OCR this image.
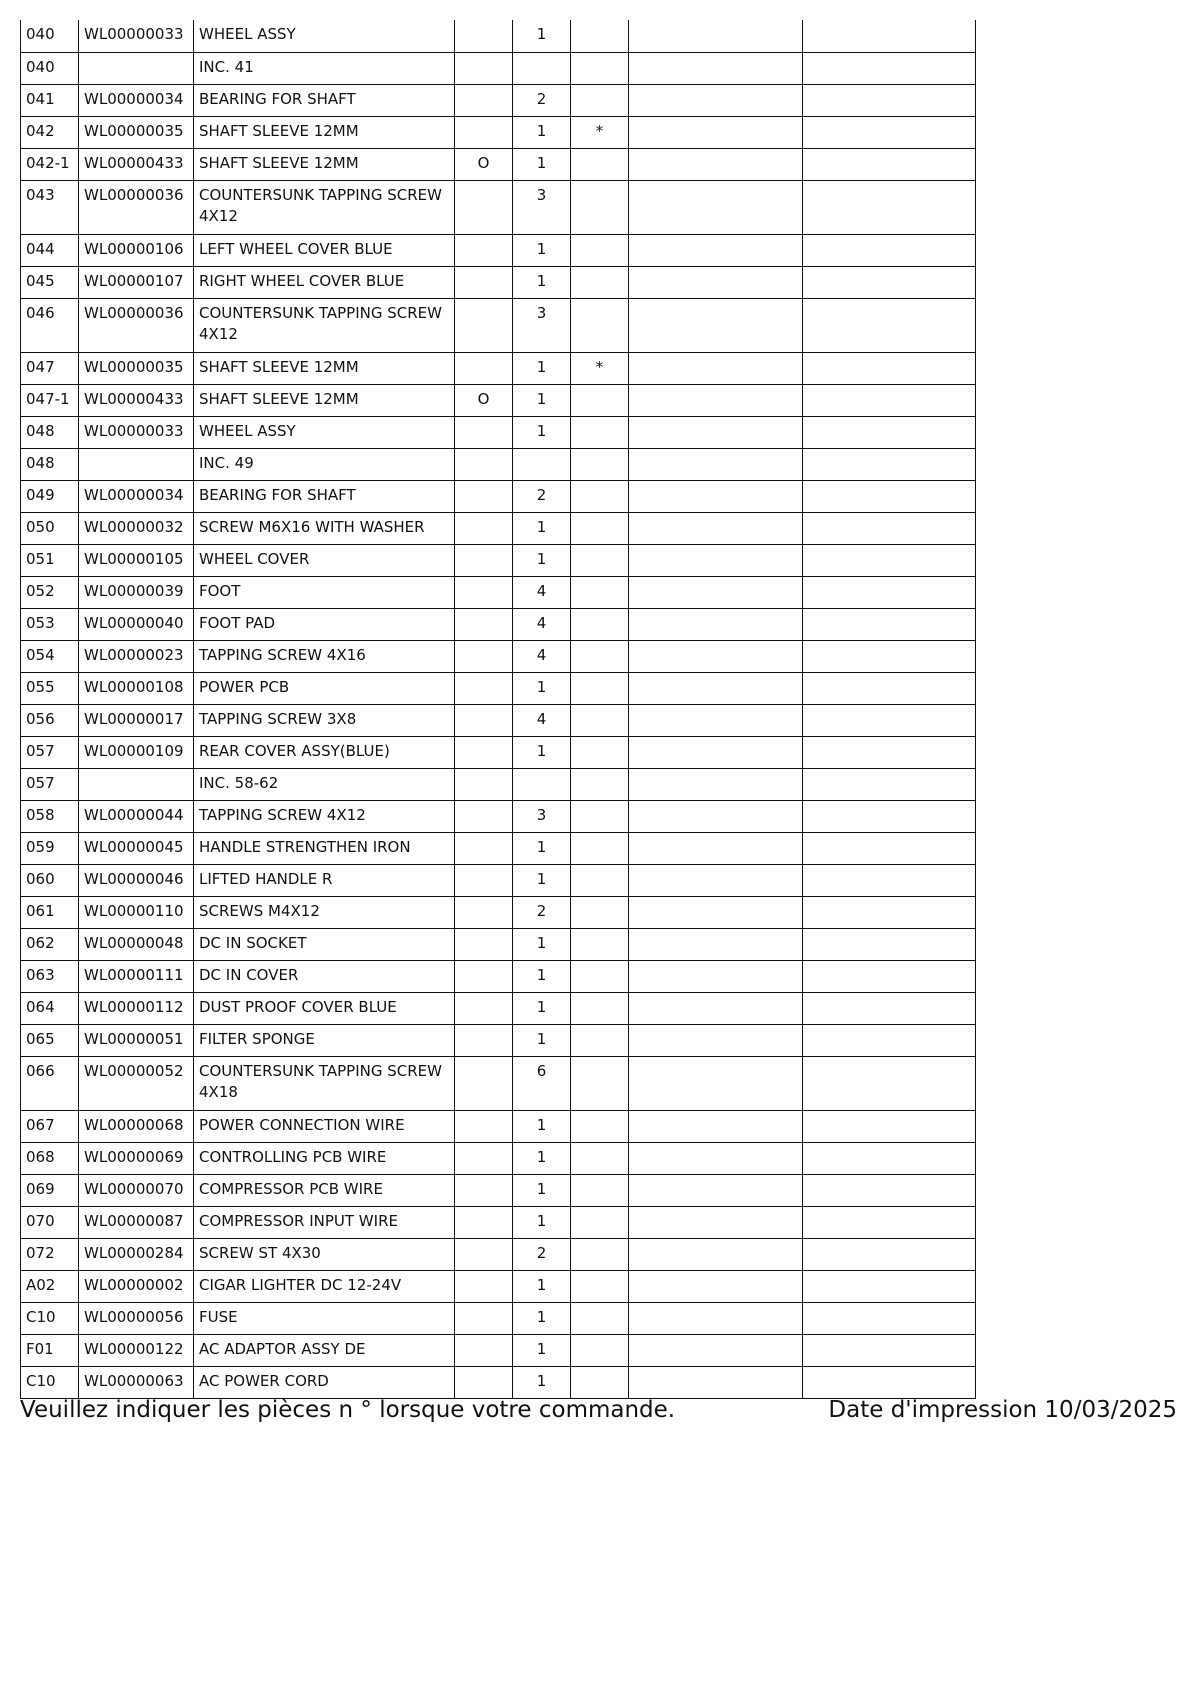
040	WL00000033	WHEEL ASSY		1			
040		INC. 41					
041	WL00000034	BEARING FOR SHAFT		2			
042	WL00000035	SHAFT SLEEVE 12MM		1	*		
042-1	WL00000433	SHAFT SLEEVE 12MM	O	1			
043	WL00000036	COUNTERSUNK TAPPING SCREW 4X12		3			
044	WL00000106	LEFT WHEEL COVER BLUE		1			
045	WL00000107	RIGHT WHEEL COVER BLUE		1			
046	WL00000036	COUNTERSUNK TAPPING SCREW 4X12		3			
047	WL00000035	SHAFT SLEEVE 12MM		1	*		
047-1	WL00000433	SHAFT SLEEVE 12MM	O	1			
048	WL00000033	WHEEL ASSY		1			
048		INC. 49					
049	WL00000034	BEARING FOR SHAFT		2			
050	WL00000032	SCREW M6X16 WITH WASHER		1			
051	WL00000105	WHEEL COVER		1			
052	WL00000039	FOOT		4			
053	WL00000040	FOOT PAD		4			
054	WL00000023	TAPPING SCREW 4X16		4			
055	WL00000108	POWER PCB		1			
056	WL00000017	TAPPING SCREW 3X8		4			
057	WL00000109	REAR COVER ASSY(BLUE)		1			
057		INC. 58-62					
058	WL00000044	TAPPING SCREW 4X12		3			
059	WL00000045	HANDLE STRENGTHEN IRON		1			
060	WL00000046	LIFTED HANDLE R		1			
061	WL00000110	SCREWS M4X12		2			
062	WL00000048	DC IN SOCKET		1			
063	WL00000111	DC IN COVER		1			
064	WL00000112	DUST PROOF COVER BLUE		1			
065	WL00000051	FILTER SPONGE		1			
066	WL00000052	COUNTERSUNK TAPPING SCREW 4X18		6			
067	WL00000068	POWER CONNECTION WIRE		1			
068	WL00000069	CONTROLLING PCB WIRE		1			
069	WL00000070	COMPRESSOR PCB WIRE		1			
070	WL00000087	COMPRESSOR INPUT WIRE		1			
072	WL00000284	SCREW ST 4X30		2			
A02	WL00000002	CIGAR LIGHTER DC 12-24V		1			
C10	WL00000056	FUSE		1			
F01	WL00000122	AC ADAPTOR ASSY DE		1			
C10	WL00000063	AC POWER CORD		1			
Veuillez indiquer les pièces n ° lorsque votre commande.	Date d'impression 10/03/2025
